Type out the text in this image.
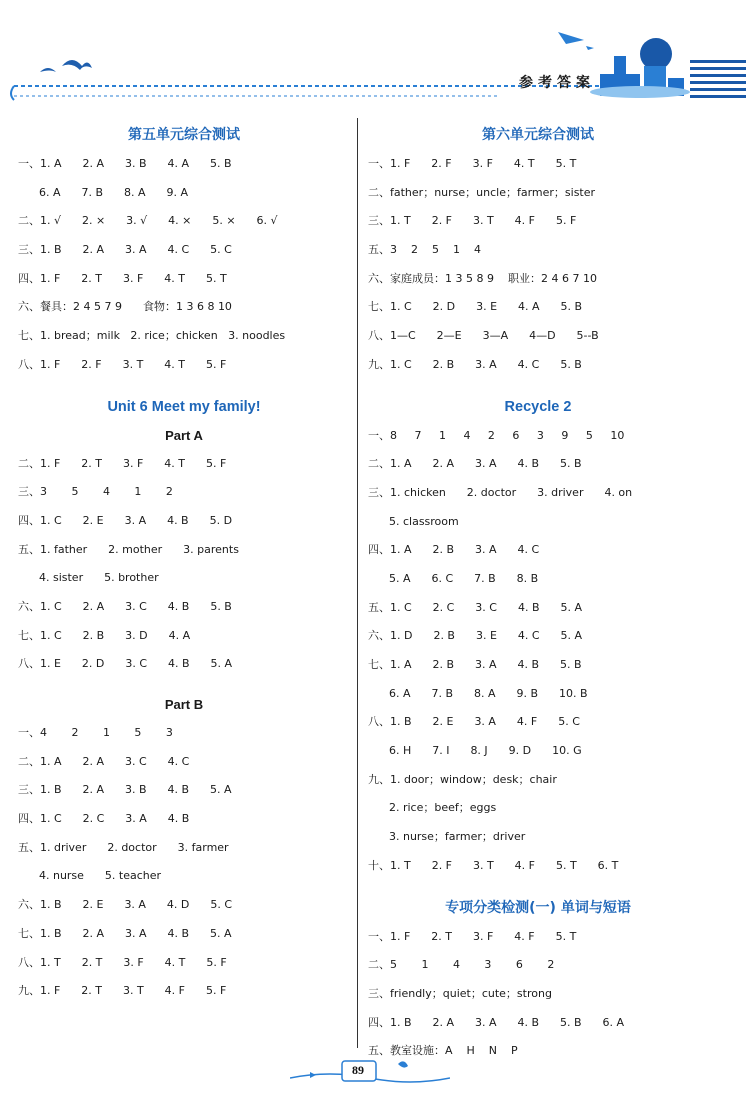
参考答案
第五单元综合测试
一、1. A      2. A      3. B      4. A      5. B
6. A      7. B      8. A      9. A
二、1. √      2. ×      3. √      4. ×      5. ×      6. √
三、1. B      2. A      3. A      4. C      5. C
四、1. F      2. T      3. F      4. T      5. T
六、餐具：2 4 5 7 9      食物：1 3 6 8 10
七、1. bread；milk   2. rice；chicken   3. noodles
八、1. F      2. F      3. T      4. T      5. F
Unit 6 Meet my family!
Part A
二、1. F      2. T      3. F      4. T      5. F
三、3       5       4       1       2
四、1. C      2. E      3. A      4. B      5. D
五、1. father      2. mother      3. parents
4. sister      5. brother
六、1. C      2. A      3. C      4. B      5. B
七、1. C      2. B      3. D      4. A
八、1. E      2. D      3. C      4. B      5. A
Part B
一、4       2       1       5       3
二、1. A      2. A      3. C      4. C
三、1. B      2. A      3. B      4. B      5. A
四、1. C      2. C      3. A      4. B
五、1. driver      2. doctor      3. farmer
4. nurse      5. teacher
六、1. B      2. E      3. A      4. D      5. C
七、1. B      2. A      3. A      4. B      5. A
八、1. T      2. T      3. F      4. T      5. F
九、1. F      2. T      3. T      4. F      5. F
第六单元综合测试
一、1. F      2. F      3. F      4. T      5. T
二、father；nurse；uncle；farmer；sister
三、1. T      2. F      3. T      4. F      5. F
五、3    2    5    1    4
六、家庭成员：1 3 5 8 9    职业：2 4 6 7 10
七、1. C      2. D      3. E      4. A      5. B
八、1—C      2—E      3—A      4—D      5--B
九、1. C      2. B      3. A      4. C      5. B
Recycle 2
一、8     7     1     4     2     6     3     9     5     10
二、1. A      2. A      3. A      4. B      5. B
三、1. chicken      2. doctor      3. driver      4. on
5. classroom
四、1. A      2. B      3. A      4. C
5. A      6. C      7. B      8. B
五、1. C      2. C      3. C      4. B      5. A
六、1. D      2. B      3. E      4. C      5. A
七、1. A      2. B      3. A      4. B      5. B
6. A      7. B      8. A      9. B      10. B
八、1. B      2. E      3. A      4. F      5. C
6. H      7. I      8. J      9. D      10. G
九、1. door；window；desk；chair
2. rice；beef；eggs
3. nurse；farmer；driver
十、1. T      2. F      3. T      4. F      5. T      6. T
专项分类检测(一) 单词与短语
一、1. F      2. T      3. F      4. F      5. T
二、5       1       4       3       6       2
三、friendly；quiet；cute；strong
四、1. B      2. A      3. A      4. B      5. B      6. A
五、教室设施：A    H    N    P
89
